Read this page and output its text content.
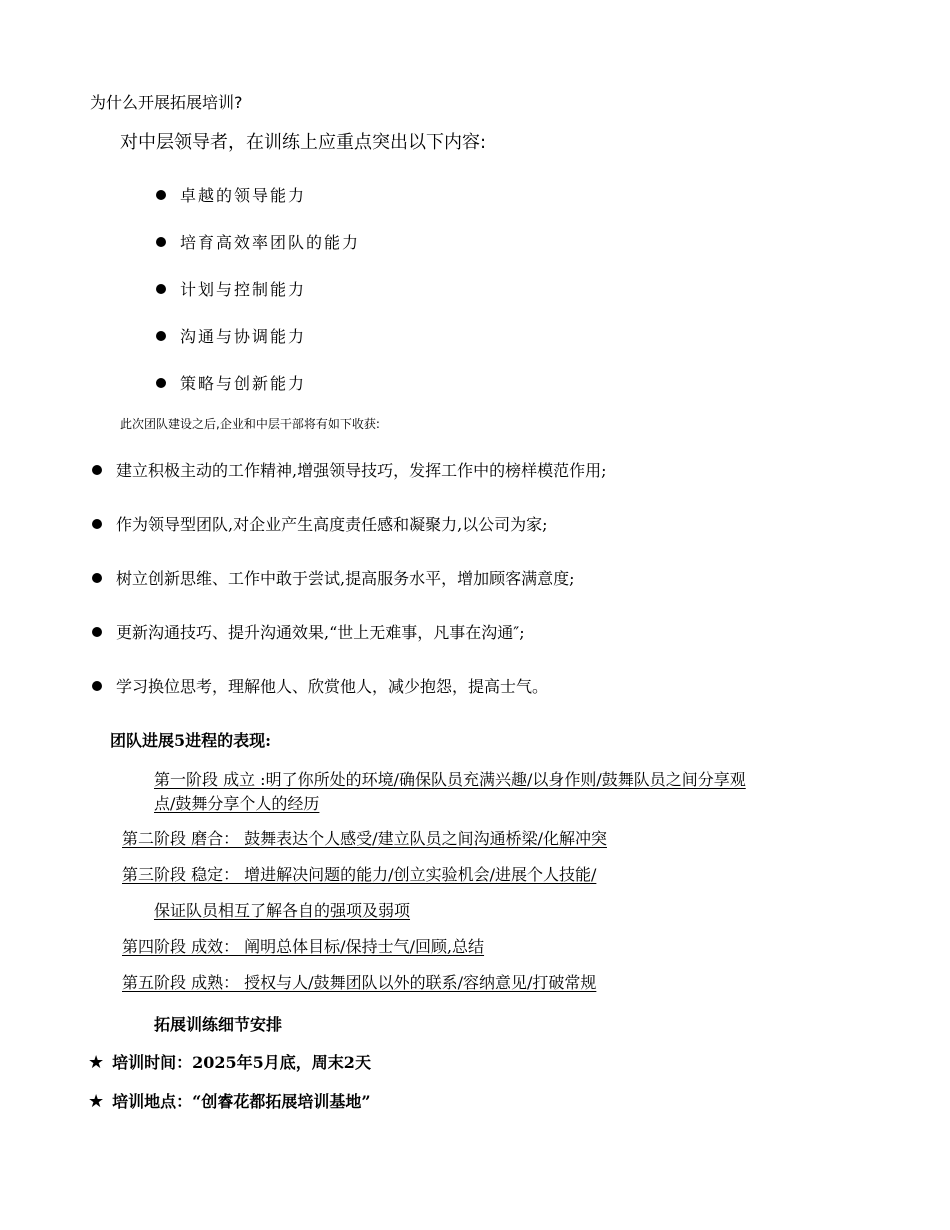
为什么开展拓展培训?
对中层领导者，在训练上应重点突出以下内容:
卓越的领导能力
培育高效率团队的能力
计划与控制能力
沟通与协调能力
策略与创新能力
此次团队建设之后,企业和中层干部将有如下收获:
建立积极主动的工作精神,增强领导技巧，发挥工作中的榜样模范作用;
作为领导型团队,对企业产生高度责任感和凝聚力,以公司为家;
树立创新思维、工作中敢于尝试,提高服务水平，增加顾客满意度;
更新沟通技巧、提升沟通效果,“世上无难事，凡事在沟通″;
学习换位思考，理解他人、欣赏他人，减少抱怨，提高士气。
团队进展5进程的表现:
第一阶段 成立 :明了你所处的环境/确保队员充满兴趣/以身作则/鼓舞队员之间分享观
点/鼓舞分享个人的经历
第二阶段 磨合： 鼓舞表达个人感受/建立队员之间沟通桥梁/化解冲突
第三阶段 稳定： 增进解决问题的能力/创立实验机会/进展个人技能/
保证队员相互了解各自的强项及弱项
第四阶段 成效： 阐明总体目标/保持士气/回顾,总结
第五阶段 成熟： 授权与人/鼓舞团队以外的联系/容纳意见/打破常规
拓展训练细节安排
★ 培训时间：2025年5月底，周末2天
★ 培训地点：“创睿花都拓展培训基地”
